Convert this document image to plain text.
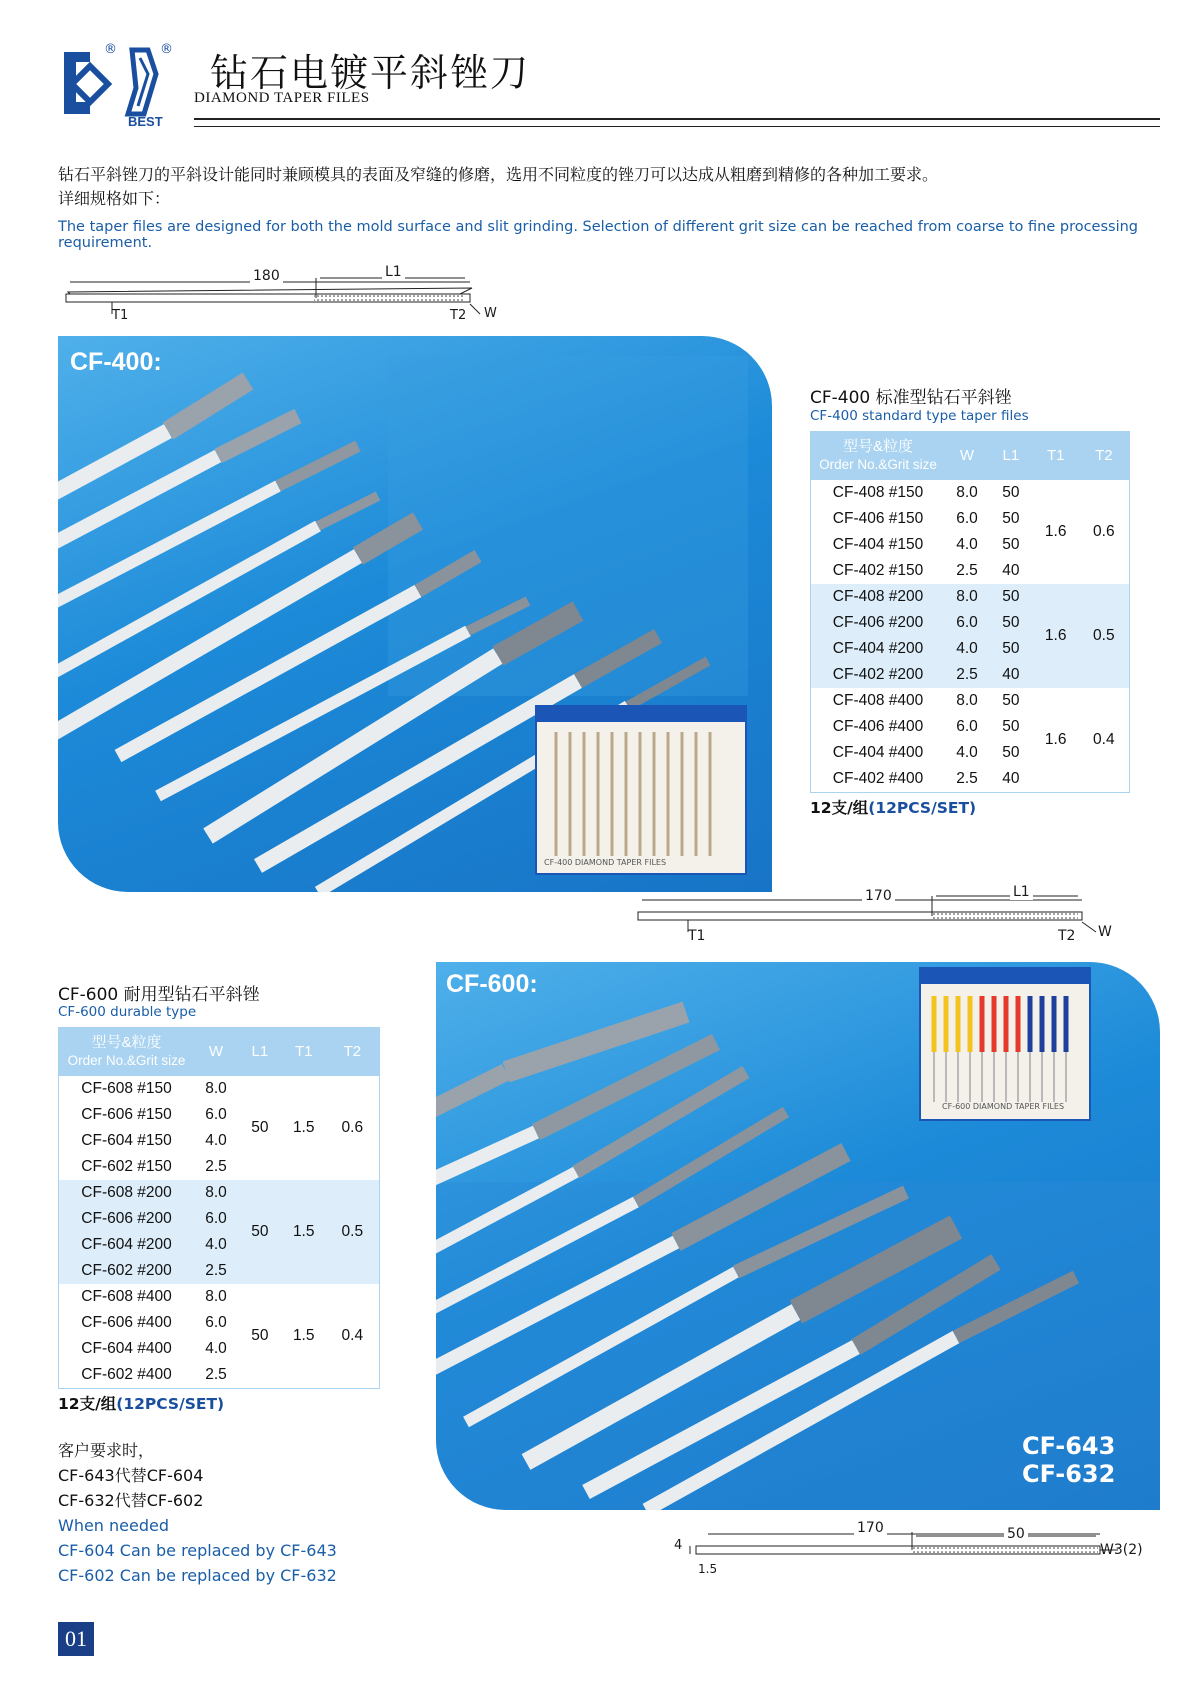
®	®
BEST
钻石电镀平斜锉刀
DIAMOND TAPER FILES
钻石平斜锉刀的平斜设计能同时兼顾模具的表面及窄缝的修磨，选用不同粒度的锉刀可以达成从粗磨到精修的各种加工要求。
详细规格如下：
The taper files are designed for both the mold surface and slit grinding. Selection of different grit size can be reached from coarse to fine processing requirement.
180	L1
T1	T2 W
CF-400:
CF-400 DIAMOND TAPER FILES
CF-400 标准型钻石平斜锉
CF-400 standard type taper files
型号&粒度
Order No.&Grit size	W	L1	T1	T2
CF-408 #150	8.0	50	1.6	0.6
CF-406 #150	6.0	50		
CF-404 #150	4.0	50		
CF-402 #150	2.5	40		
CF-408 #200	8.0	50	1.6	0.5
CF-406 #200	6.0	50		
CF-404 #200	4.0	50		
CF-402 #200	2.5	40		
CF-408 #400	8.0	50	1.6	0.4
CF-406 #400	6.0	50		
CF-404 #400	4.0	50		
CF-402 #400	2.5	40		
12支/组(12PCS/SET)
170	L1
T1	T2 W
CF-600:
CF-600 DIAMOND TAPER FILES
CF-643
CF-632
CF-600 耐用型钻石平斜锉
CF-600 durable type
型号&粒度
Order No.&Grit size	W	L1	T1	T2
CF-608 #150	8.0	50	1.5	0.6
CF-606 #150	6.0			
CF-604 #150	4.0			
CF-602 #150	2.5			
CF-608 #200	8.0	50	1.5	0.5
CF-606 #200	6.0			
CF-604 #200	4.0			
CF-602 #200	2.5			
CF-608 #400	8.0	50	1.5	0.4
CF-606 #400	6.0			
CF-604 #400	4.0			
CF-602 #400	2.5			
12支/组(12PCS/SET)
客户要求时，
CF-643代替CF-604
CF-632代替CF-602
When needed
CF-604 Can be replaced by CF-643
CF-602 Can be replaced by CF-632
170	50
4
1.5
W3(2)
01
